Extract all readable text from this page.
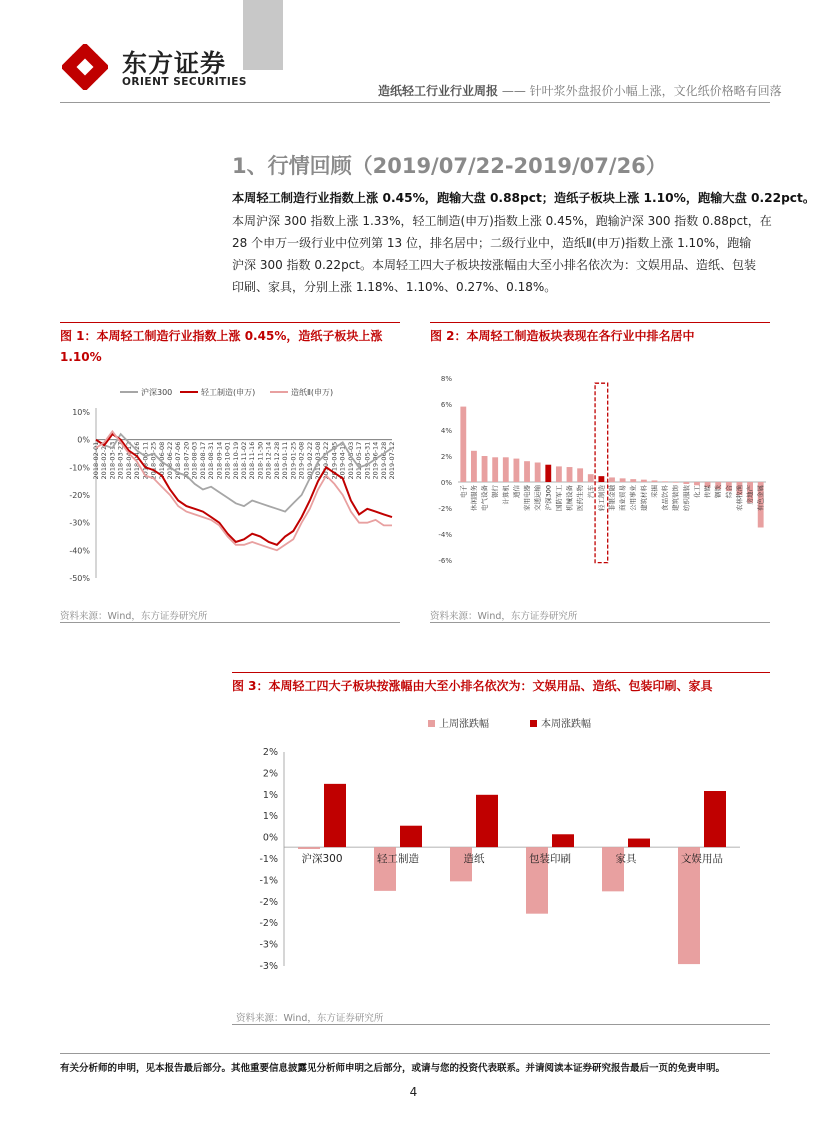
东方证券
ORIENT SECURITIES
造纸轻工行业行业周报 —— 针叶浆外盘报价小幅上涨，文化纸价格略有回落
1、行情回顾（2019/07/22-2019/07/26）
本周轻工制造行业指数上涨 0.45%，跑输大盘 0.88pct；造纸子板块上涨 1.10%，跑输大盘 0.22pct。

本周沪深 300 指数上涨 1.33%，轻工制造(申万)指数上涨 0.45%，跑输沪深 300 指数 0.88pct，在

28 个申万一级行业中位列第 13 位，排名居中；二级行业中，造纸Ⅱ(申万)指数上涨 1.10%，跑输

沪深 300 指数 0.22pct。本周轻工四大子板块按涨幅由大至小排名依次为：文娱用品、造纸、包装

印刷、家具，分别上涨 1.18%、1.10%、0.27%、0.18%。

图 1：本周轻工制造行业指数上涨 0.45%，造纸子板块上涨
1.10%
沪深300	轻工制造(申万)	造纸Ⅱ(申万)
10%
0%
-10%
-20%
-30%
-40%
-50%
2018-02-01 2018-02-27 2018-03-13 2018-03-27 2018-04-12 2018-04-26 2018-05-11 2018-05-25 2018-06-08 2018-06-22 2018-07-06 2018-07-20 2018-08-03 2018-08-17 2018-08-31 2018-09-14 2018-10-01 2018-10-19 2018-11-02 2018-11-16 2018-11-30 2018-12-14 2018-12-28 2019-01-11 2019-01-25 2019-02-08 2019-02-22 2019-03-08 2019-03-22 2019-04-05 2019-04-19 2019-05-03 2019-05-17 2019-05-31 2019-06-14 2019-06-28 2019-07-12
资料来源：Wind，东方证券研究所
图 2：本周轻工制造板块表现在各行业中排名居中
8%
6%
4%
2%
0%
-2%
-4%
-6%
电子 休闲服务 电气设备 银行 计算机 通信 家用电器 交通运输 沪深300 国防军工 机械设备 医药生物 汽车 轻工制造 非银金融 商业贸易 公用事业 建筑材料 采掘 食品饮料 建筑装饰 纺织服装 化工 传媒 钢铁 综合 农林牧渔 房地产 有色金属
资料来源：Wind，东方证券研究所
图 3：本周轻工四大子板块按涨幅由大至小排名依次为：文娱用品、造纸、包装印刷、家具
上周涨跌幅	本周涨跌幅
2%
2%
1%
1%
0%
-1%
-1%
-2%
-2%
-3%
-3%
沪深300	轻工制造	造纸	包装印刷	家具	文娱用品
资料来源：Wind，东方证券研究所
有关分析师的申明，见本报告最后部分。其他重要信息披露见分析师申明之后部分，或请与您的投资代表联系。并请阅读本证券研究报告最后一页的免责申明。
4
